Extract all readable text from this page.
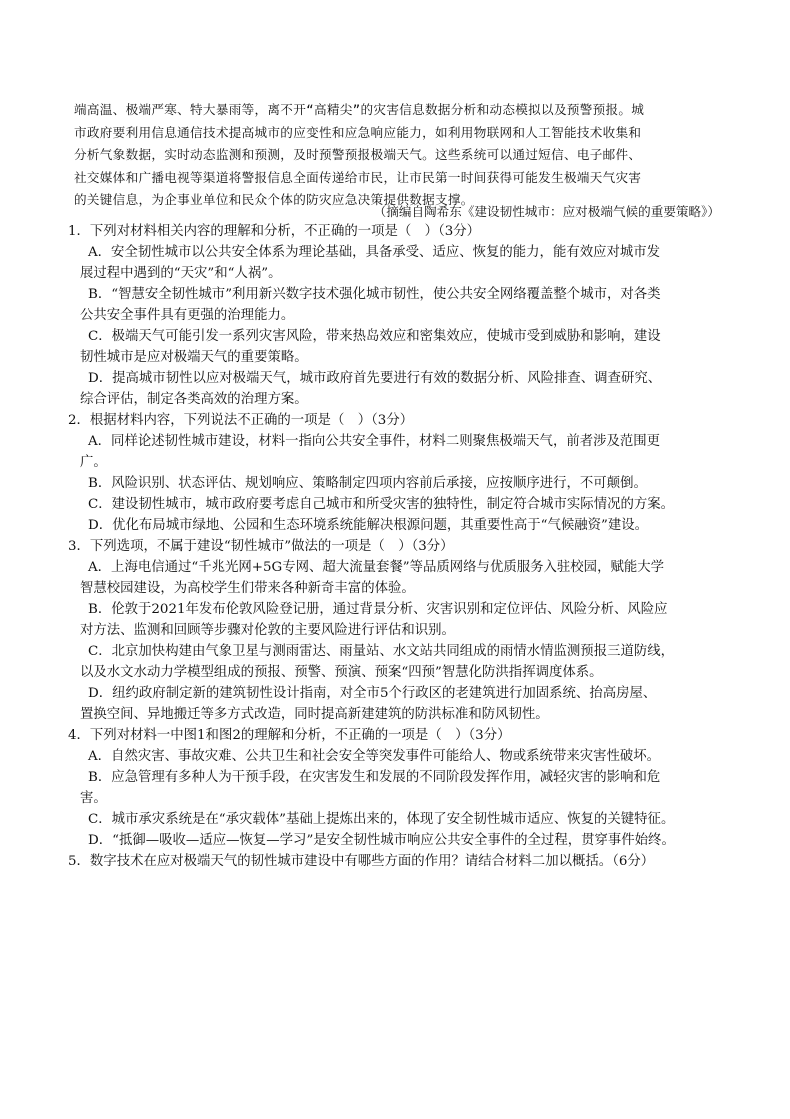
端高温、极端严寒、特大暴雨等，离不开“高精尖”的灾害信息数据分析和动态模拟以及预警预报。城
市政府要利用信息通信技术提高城市的应变性和应急响应能力，如利用物联网和人工智能技术收集和
分析气象数据，实时动态监测和预测，及时预警预报极端天气。这些系统可以通过短信、电子邮件、
社交媒体和广播电视等渠道将警报信息全面传递给市民，让市民第一时间获得可能发生极端天气灾害
的关键信息，为企事业单位和民众个体的防灾应急决策提供数据支撑。
（摘编自陶希东《建设韧性城市：应对极端气候的重要策略》）
1．下列对材料相关内容的理解和分析，不正确的一项是（　）（3分）
A．安全韧性城市以公共安全体系为理论基础，具备承受、适应、恢复的能力，能有效应对城市发
展过程中遇到的“天灾”和“人祸”。
B．“智慧安全韧性城市”利用新兴数字技术强化城市韧性，使公共安全网络覆盖整个城市，对各类
公共安全事件具有更强的治理能力。
C．极端天气可能引发一系列灾害风险，带来热岛效应和密集效应，使城市受到威胁和影响，建设
韧性城市是应对极端天气的重要策略。
D．提高城市韧性以应对极端天气，城市政府首先要进行有效的数据分析、风险排查、调查研究、
综合评估，制定各类高效的治理方案。
2．根据材料内容，下列说法不正确的一项是（　）（3分）
A．同样论述韧性城市建设，材料一指向公共安全事件，材料二则聚焦极端天气，前者涉及范围更
广。
B．风险识别、状态评估、规划响应、策略制定四项内容前后承接，应按顺序进行，不可颠倒。
C．建设韧性城市，城市政府要考虑自己城市和所受灾害的独特性，制定符合城市实际情况的方案。
D．优化布局城市绿地、公园和生态环境系统能解决根源问题，其重要性高于“气候融资”建设。
3．下列选项，不属于建设“韧性城市”做法的一项是（　）（3分）
A．上海电信通过“千兆光网+5G专网、超大流量套餐”等品质网络与优质服务入驻校园，赋能大学
智慧校园建设，为高校学生们带来各种新奇丰富的体验。
B．伦敦于2021年发布伦敦风险登记册，通过背景分析、灾害识别和定位评估、风险分析、风险应
对方法、监测和回顾等步骤对伦敦的主要风险进行评估和识别。
C．北京加快构建由气象卫星与测雨雷达、雨量站、水文站共同组成的雨情水情监测预报三道防线，
以及水文水动力学模型组成的预报、预警、预演、预案“四预”智慧化防洪指挥调度体系。
D．纽约政府制定新的建筑韧性设计指南，对全市5个行政区的老建筑进行加固系统、抬高房屋、
置换空间、异地搬迁等多方式改造，同时提高新建建筑的防洪标准和防风韧性。
4．下列对材料一中图1和图2的理解和分析，不正确的一项是（　）（3分）
A．自然灾害、事故灾难、公共卫生和社会安全等突发事件可能给人、物或系统带来灾害性破坏。
B．应急管理有多种人为干预手段，在灾害发生和发展的不同阶段发挥作用，减轻灾害的影响和危
害。
C．城市承灾系统是在“承灾载体”基础上提炼出来的，体现了安全韧性城市适应、恢复的关键特征。
D．“抵御—吸收—适应—恢复—学习”是安全韧性城市响应公共安全事件的全过程，贯穿事件始终。
5．数字技术在应对极端天气的韧性城市建设中有哪些方面的作用？请结合材料二加以概括。（6分）
